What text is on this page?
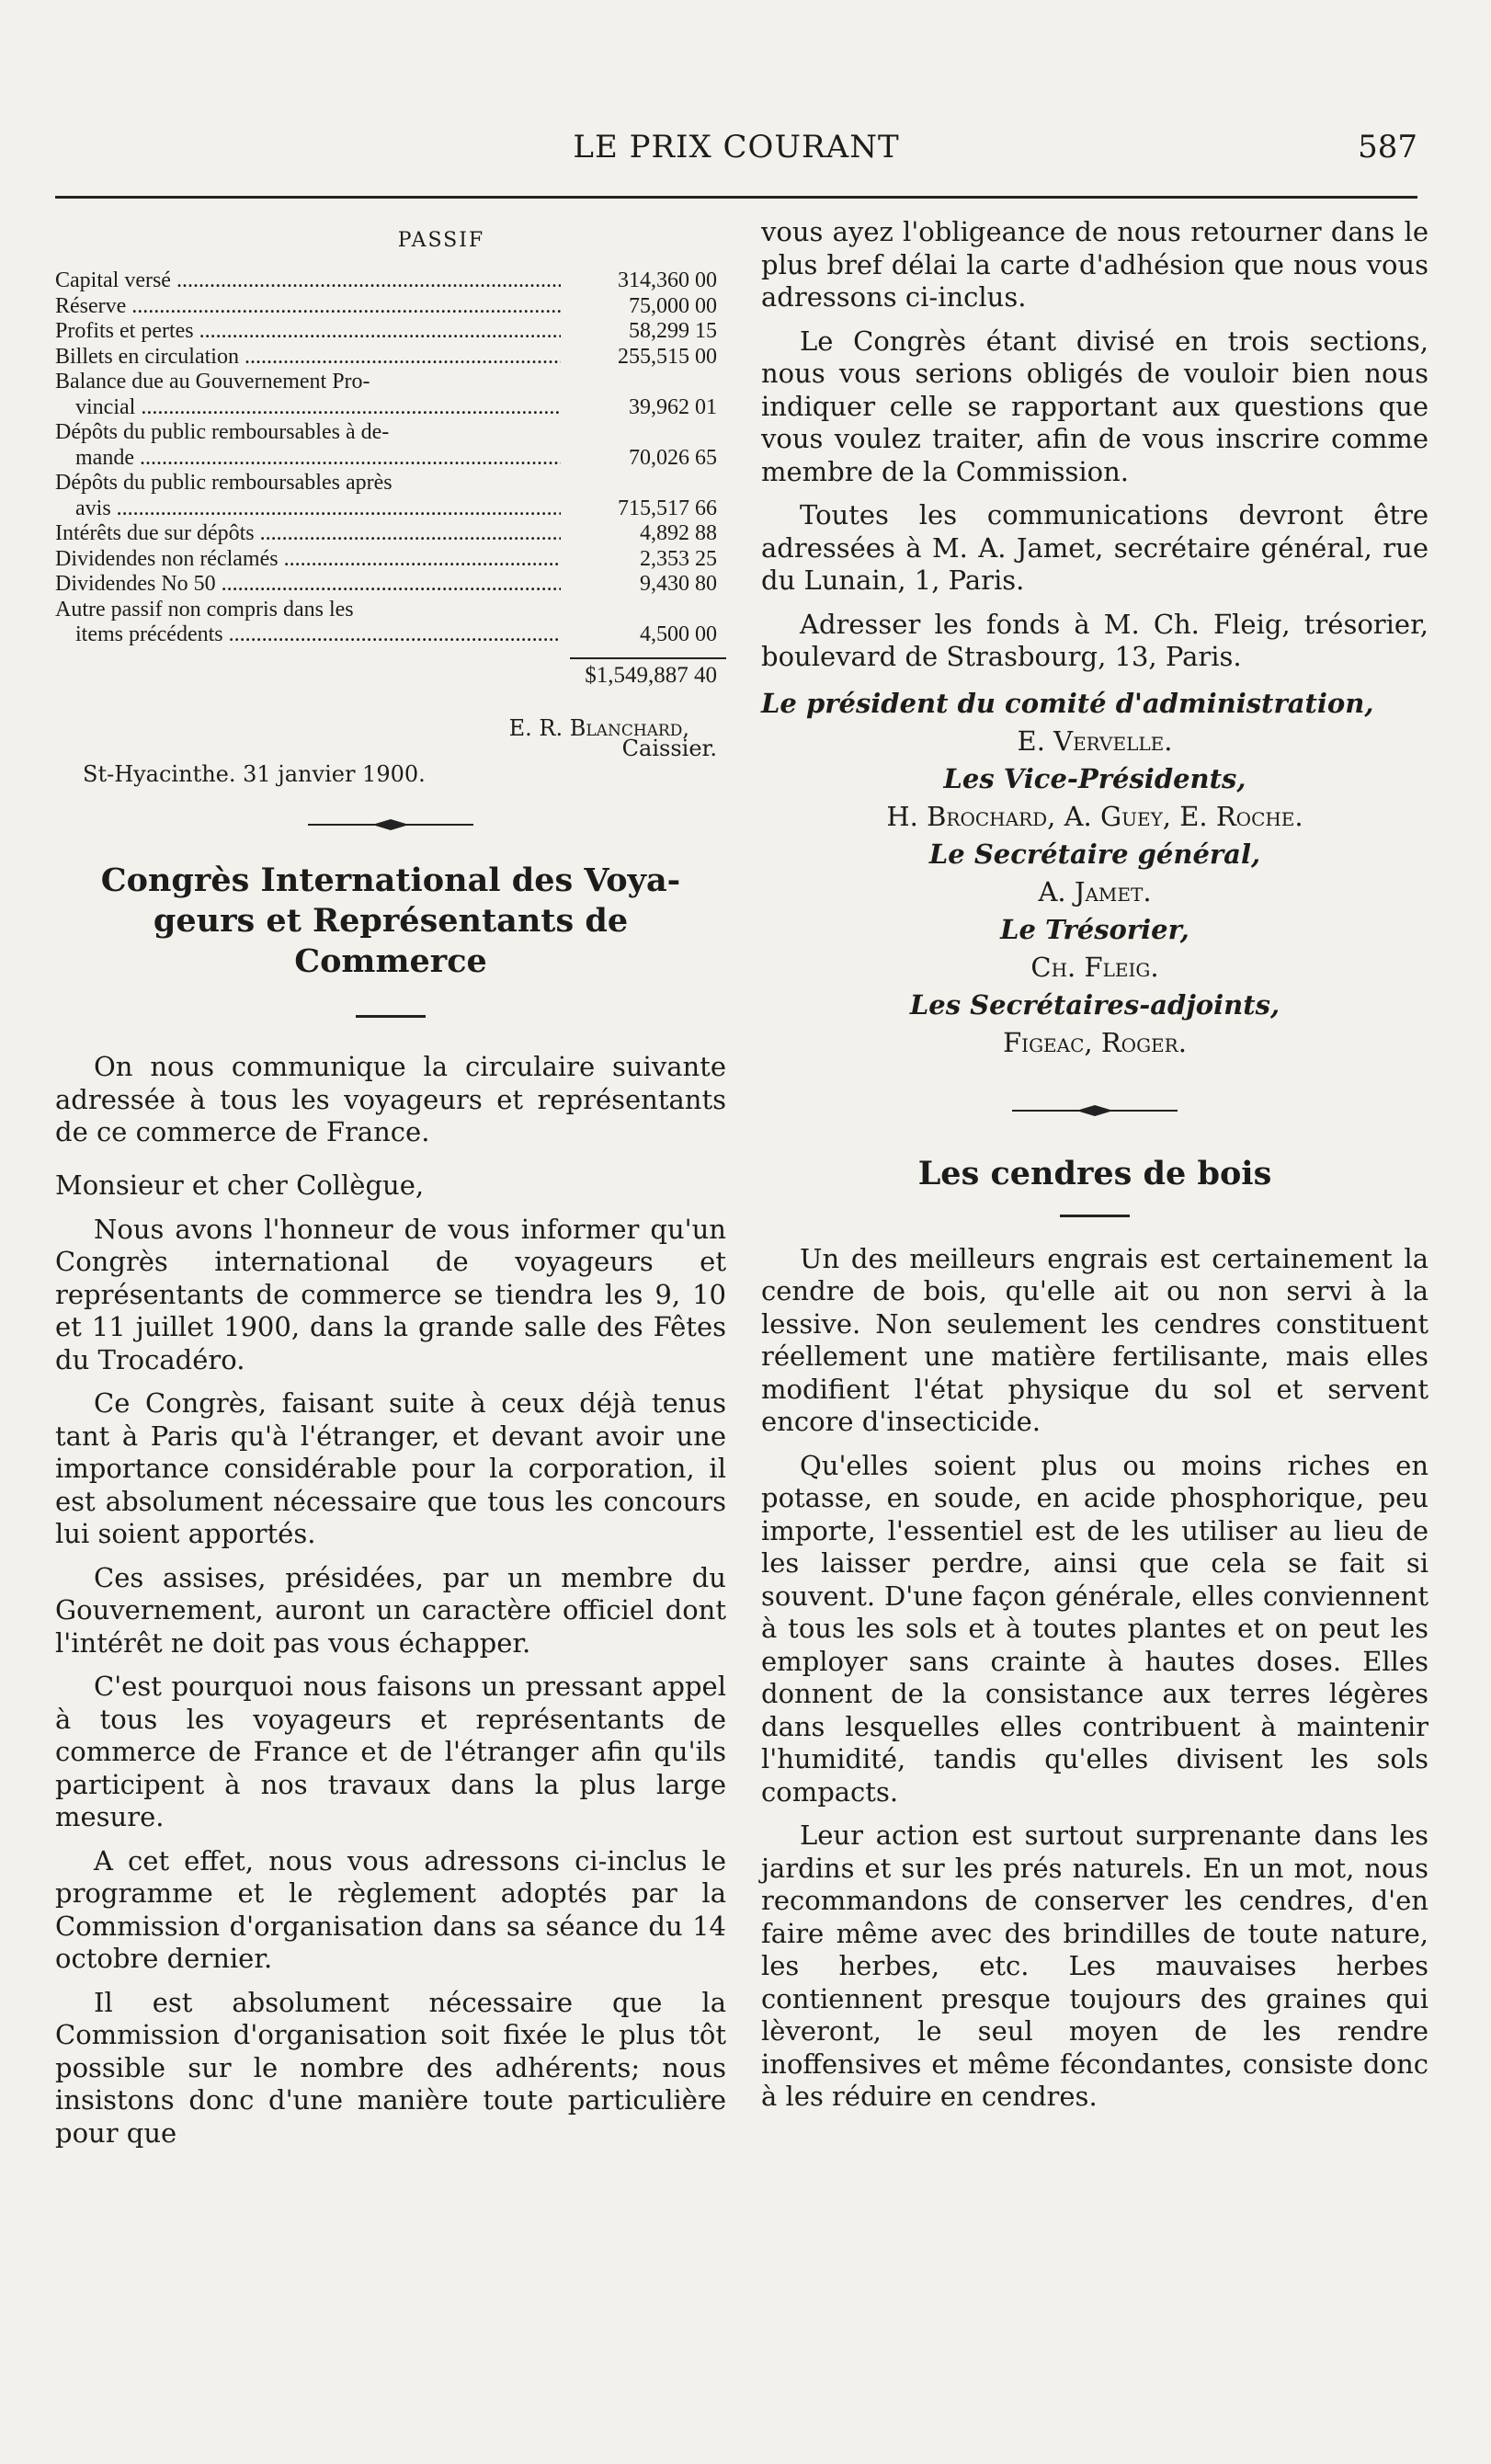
LE PRIX COURANT	587
PASSIF
Capital versé .....	314,360 00
Réserve .....	75,000 00
Profits et pertes .....	58,299 15
Billets en circulation .....	255,515 00
Balance due au Gouvernement Pro-
vincial .....	39,962 01
Dépôts du public remboursables à de-
mande .....	70,026 65
Dépôts du public remboursables après
avis .....	715,517 66
Intérêts due sur dépôts .....	4,892 88
Dividendes non réclamés .....	2,353 25
Dividendes No 50 .....	9,430 80
Autre passif non compris dans les
items précédents .....	4,500 00
$1,549,887 40
E. R. Blanchard,
Caissier.
St-Hyacinthe. 31 janvier 1900.
Congrès International des Voya-
geurs et Représentants de
Commerce

On nous communique la circulaire suivante adressée à tous les voyageurs et représentants de ce commerce de France.

Monsieur et cher Collègue,

Nous avons l'honneur de vous informer qu'un Congrès international de voyageurs et représentants de commerce se tiendra les 9, 10 et 11 juillet 1900, dans la grande salle des Fêtes du Trocadéro.

Ce Congrès, faisant suite à ceux déjà tenus tant à Paris qu'à l'étranger, et devant avoir une importance considérable pour la corporation, il est absolument nécessaire que tous les concours lui soient apportés.

Ces assises, présidées, par un membre du Gouvernement, auront un caractère officiel dont l'intérêt ne doit pas vous échapper.

C'est pourquoi nous faisons un pressant appel à tous les voyageurs et représentants de commerce de France et de l'étranger afin qu'ils participent à nos travaux dans la plus large mesure.

A cet effet, nous vous adressons ci-inclus le programme et le règlement adoptés par la Commission d'organisation dans sa séance du 14 octobre dernier.

Il est absolument nécessaire que la Commission d'organisation soit fixée le plus tôt possible sur le nombre des adhérents; nous insistons donc d'une manière toute particulière pour que

vous ayez l'obligeance de nous retourner dans le plus bref délai la carte d'adhésion que nous vous adressons ci-inclus.

Le Congrès étant divisé en trois sections, nous vous serions obligés de vouloir bien nous indiquer celle se rapportant aux questions que vous voulez traiter, afin de vous inscrire comme membre de la Commission.

Toutes les communications devront être adressées à M. A. Jamet, secrétaire général, rue du Lunain, 1, Paris.

Adresser les fonds à M. Ch. Fleig, trésorier, boulevard de Strasbourg, 13, Paris.

Le président du comité d'administration,
E. Vervelle.
Les Vice-Présidents,
H. Brochard, A. Guey, E. Roche.
Le Secrétaire général,
A. Jamet.
Le Trésorier,
Ch. Fleig.
Les Secrétaires-adjoints,
Figeac, Roger.
Les cendres de bois

Un des meilleurs engrais est certainement la cendre de bois, qu'elle ait ou non servi à la lessive. Non seulement les cendres constituent réellement une matière fertilisante, mais elles modifient l'état physique du sol et servent encore d'insecticide.

Qu'elles soient plus ou moins riches en potasse, en soude, en acide phosphorique, peu importe, l'essentiel est de les utiliser au lieu de les laisser perdre, ainsi que cela se fait si souvent. D'une façon générale, elles conviennent à tous les sols et à toutes plantes et on peut les employer sans crainte à hautes doses. Elles donnent de la consistance aux terres légères dans lesquelles elles contribuent à maintenir l'humidité, tandis qu'elles divisent les sols compacts.

Leur action est surtout surprenante dans les jardins et sur les prés naturels. En un mot, nous recommandons de conserver les cendres, d'en faire même avec des brindilles de toute nature, les herbes, etc. Les mauvaises herbes contiennent presque toujours des graines qui lèveront, le seul moyen de les rendre inoffensives et même fécondantes, consiste donc à les réduire en cendres.
